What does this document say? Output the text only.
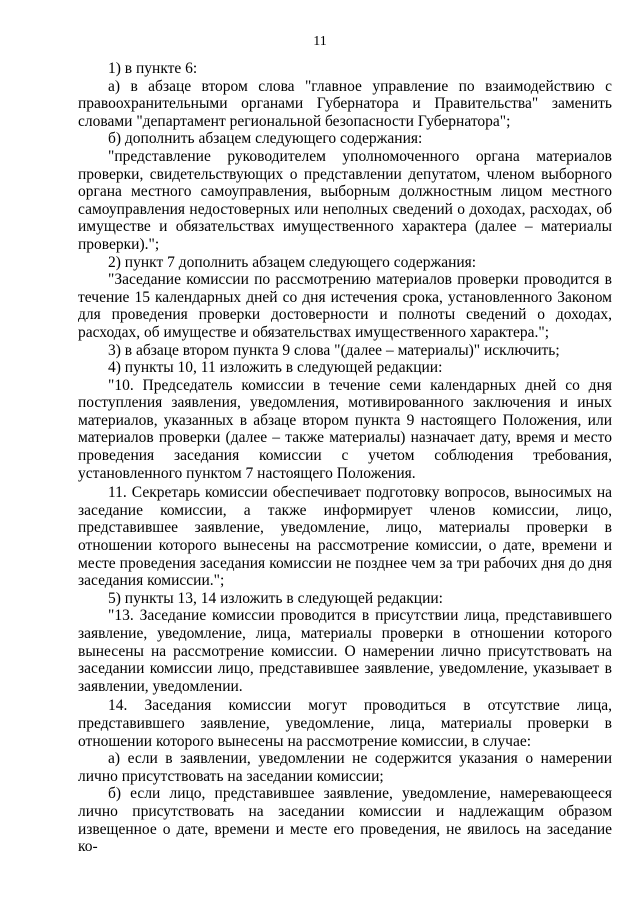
11

1) в пункте 6:

а) в абзаце втором слова "главное управление по взаимодействию с правоохранительными органами Губернатора и Правительства" заменить словами "департамент региональной безопасности Губернатора";

б) дополнить абзацем следующего содержания:

"представление руководителем уполномоченного органа материалов проверки, свидетельствующих о представлении депутатом, членом выборного органа местного самоуправления, выборным должностным лицом местного самоуправления недостоверных или неполных сведений о доходах, расходах, об имуществе и обязательствах имущественного характера (далее – материалы проверки).";

2) пункт 7 дополнить абзацем следующего содержания:

"Заседание комиссии по рассмотрению материалов проверки проводится в течение 15 календарных дней со дня истечения срока, установленного Законом для проведения проверки достоверности и полноты сведений о доходах, расходах, об имуществе и обязательствах имущественного характера.";

3) в абзаце втором пункта 9 слова "(далее – материалы)" исключить;

4) пункты 10, 11 изложить в следующей редакции:

"10. Председатель комиссии в течение семи календарных дней со дня поступления заявления, уведомления, мотивированного заключения и иных материалов, указанных в абзаце втором пункта 9 настоящего Положения, или материалов проверки (далее – также материалы) назначает дату, время и место проведения заседания комиссии с учетом соблюдения требования, установленного пунктом 7 настоящего Положения.

11. Секретарь комиссии обеспечивает подготовку вопросов, выносимых на заседание комиссии, а также информирует членов комиссии, лицо, представившее заявление, уведомление, лицо, материалы проверки в отношении которого вынесены на рассмотрение комиссии, о дате, времени и месте проведения заседания комиссии не позднее чем за три рабочих дня до дня заседания комиссии.";

5) пункты 13, 14 изложить в следующей редакции:

"13. Заседание комиссии проводится в присутствии лица, представившего заявление, уведомление, лица, материалы проверки в отношении которого вынесены на рассмотрение комиссии. О намерении лично присутствовать на заседании комиссии лицо, представившее заявление, уведомление, указывает в заявлении, уведомлении.

14. Заседания комиссии могут проводиться в отсутствие лица, представившего заявление, уведомление, лица, материалы проверки в отношении которого вынесены на рассмотрение комиссии, в случае:

а) если в заявлении, уведомлении не содержится указания о намерении лично присутствовать на заседании комиссии;

б) если лицо, представившее заявление, уведомление, намеревающееся лично присутствовать на заседании комиссии и надлежащим образом извещенное о дате, времени и месте его проведения, не явилось на заседание ко-
